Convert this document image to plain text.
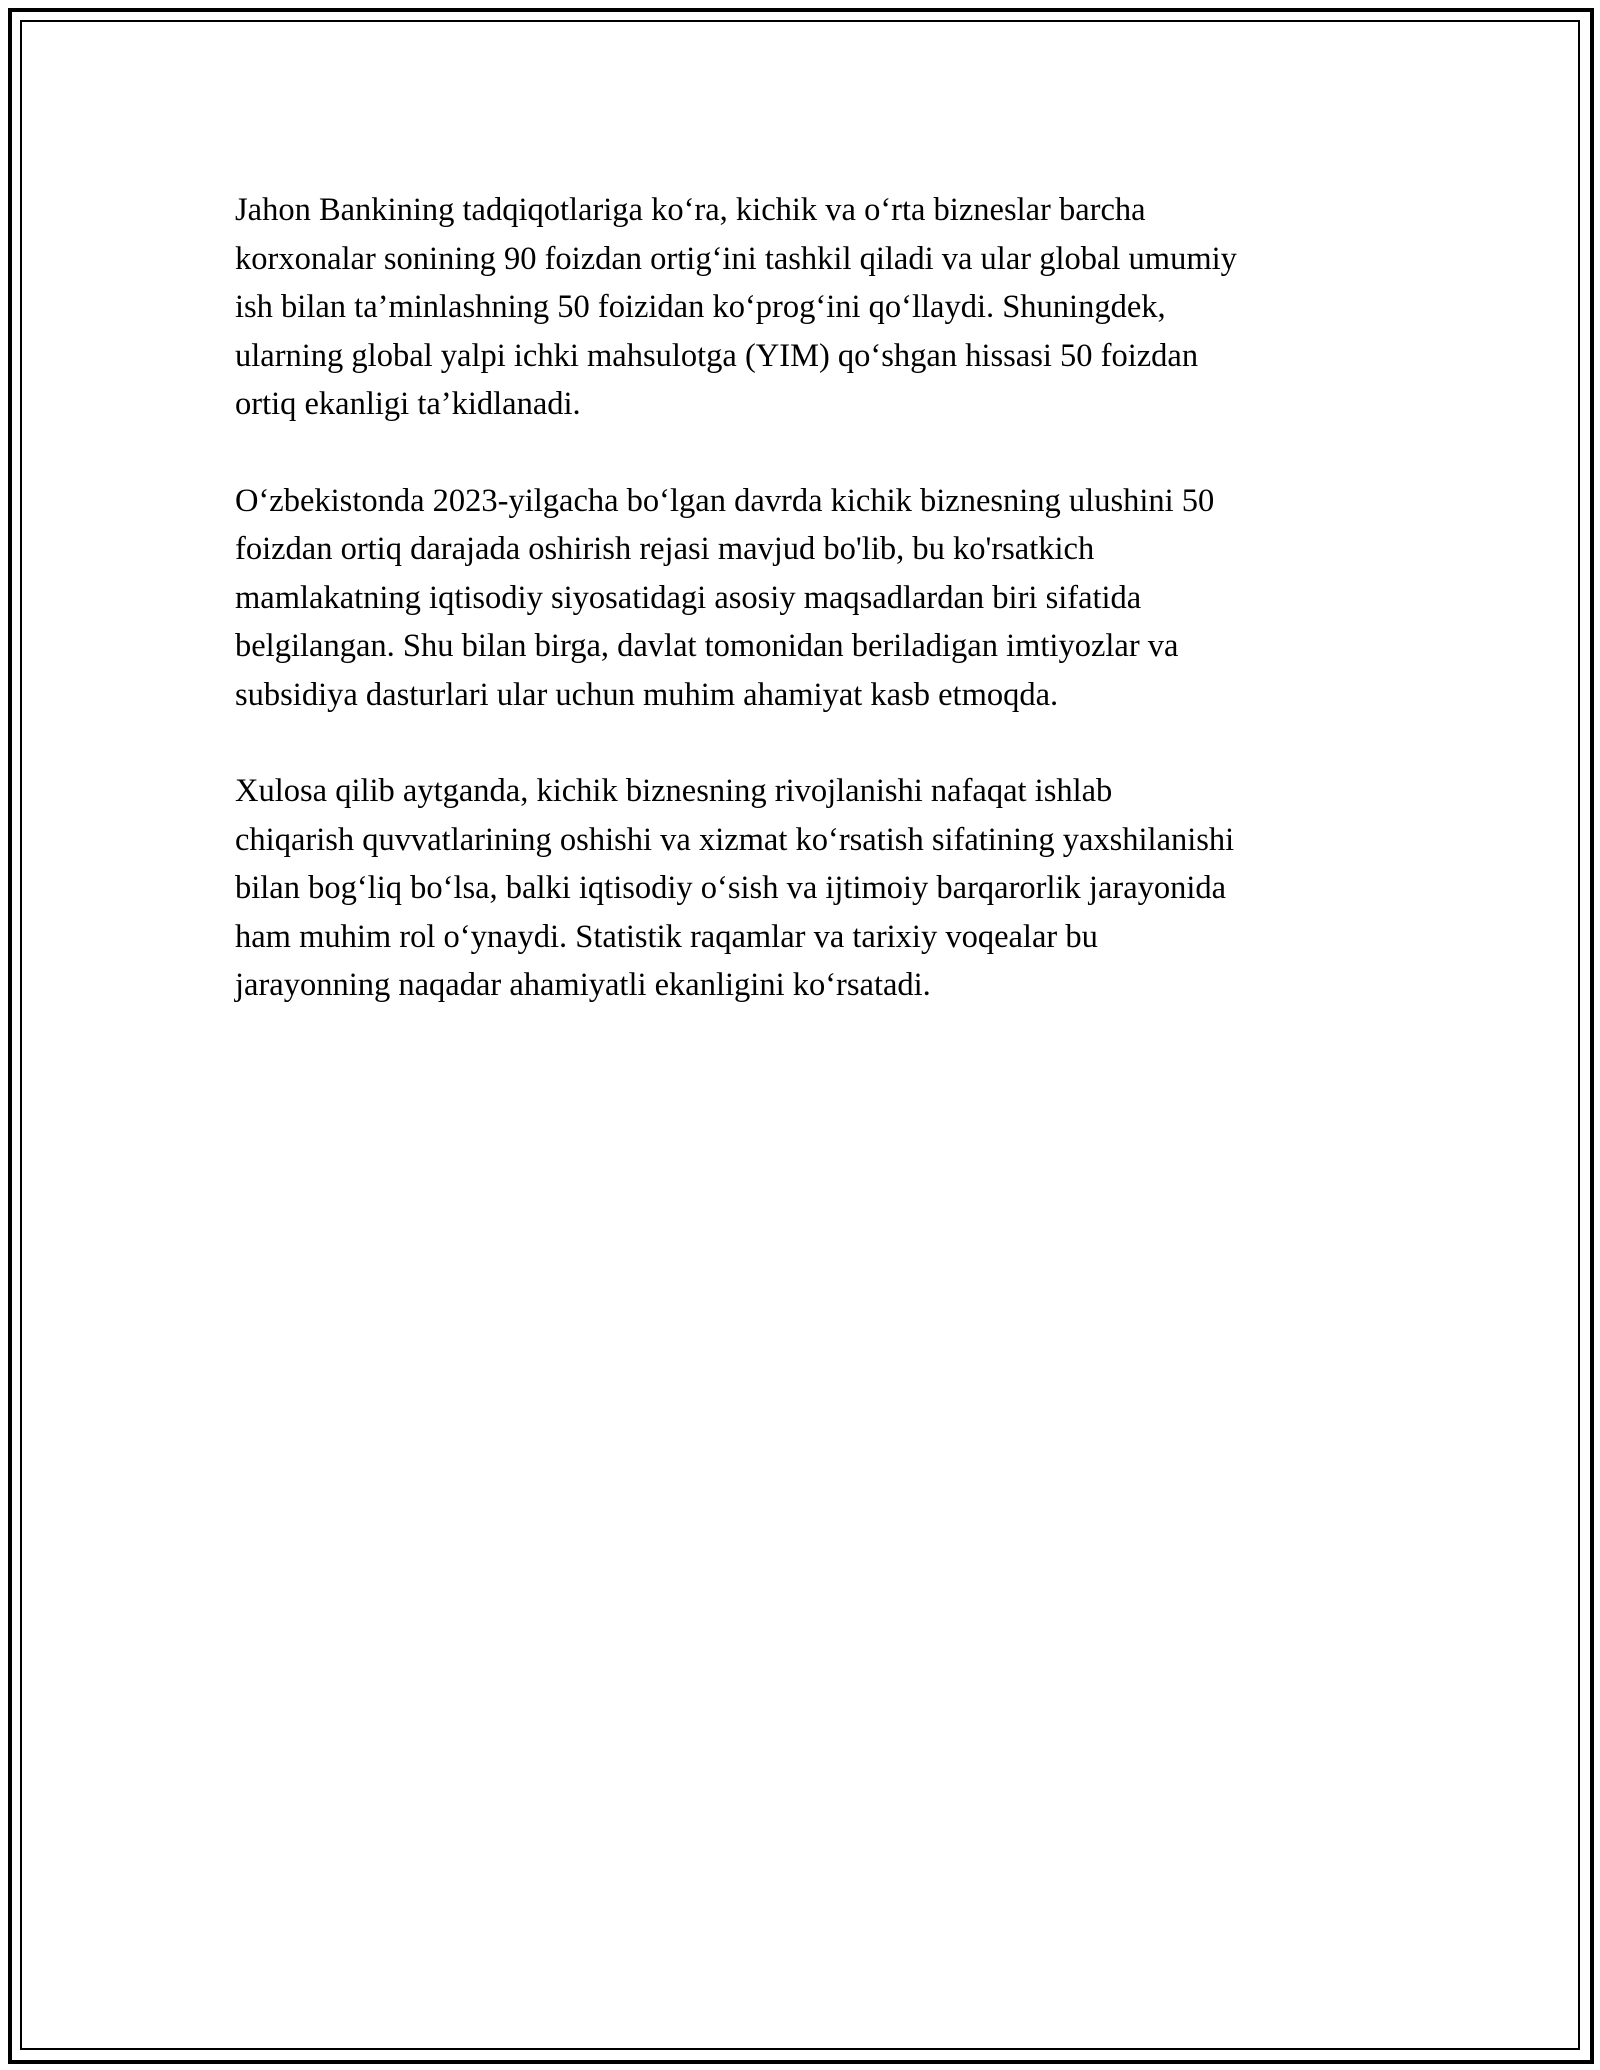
Jahon Bankining tadqiqotlariga ko‘ra, kichik va o‘rta bizneslar barcha
korxonalar sonining 90 foizdan ortig‘ini tashkil qiladi va ular global umumiy
ish bilan ta’minlashning 50 foizidan ko‘prog‘ini qo‘llaydi. Shuningdek,
ularning global yalpi ichki mahsulotga (YIM) qo‘shgan hissasi 50 foizdan
ortiq ekanligi ta’kidlanadi.

O‘zbekistonda 2023-yilgacha bo‘lgan davrda kichik biznesning ulushini 50
foizdan ortiq darajada oshirish rejasi mavjud bo'lib, bu ko'rsatkich
mamlakatning iqtisodiy siyosatidagi asosiy maqsadlardan biri sifatida
belgilangan. Shu bilan birga, davlat tomonidan beriladigan imtiyozlar va
subsidiya dasturlari ular uchun muhim ahamiyat kasb etmoqda.

Xulosa qilib aytganda, kichik biznesning rivojlanishi nafaqat ishlab
chiqarish quvvatlarining oshishi va xizmat ko‘rsatish sifatining yaxshilanishi
bilan bog‘liq bo‘lsa, balki iqtisodiy o‘sish va ijtimoiy barqarorlik jarayonida
ham muhim rol o‘ynaydi. Statistik raqamlar va tarixiy voqealar bu
jarayonning naqadar ahamiyatli ekanligini ko‘rsatadi.
